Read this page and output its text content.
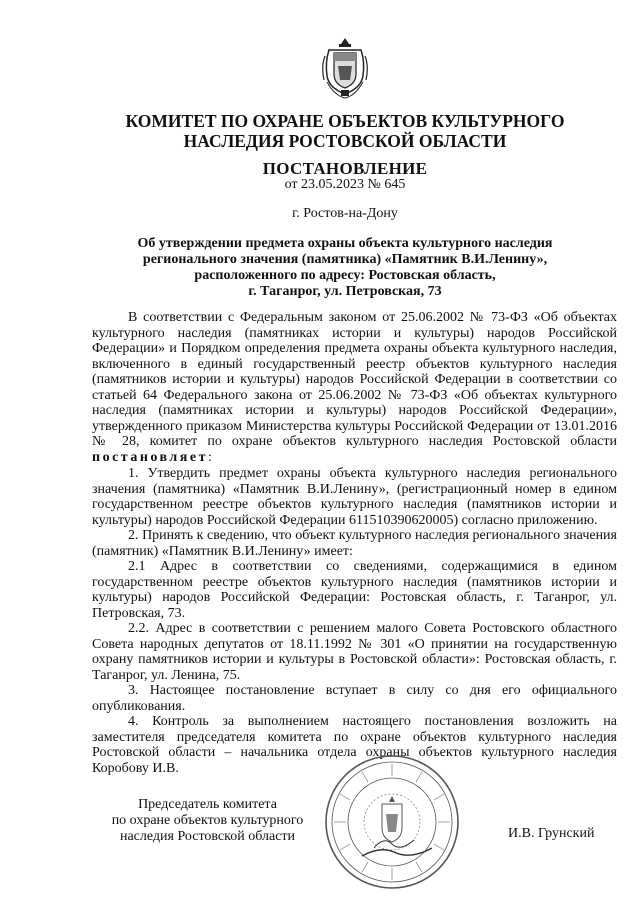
КОМИТЕТ ПО ОХРАНЕ ОБЪЕКТОВ КУЛЬТУРНОГО
НАСЛЕДИЯ РОСТОВСКОЙ ОБЛАСТИ
ПОСТАНОВЛЕНИЕ
от 23.05.2023 № 645
г. Ростов-на-Дону
Об утверждении предмета охраны объекта культурного наследия
регионального значения (памятника) «Памятник В.И.Ленину»,
расположенного по адресу: Ростовская область,
г. Таганрог, ул. Петровская, 73

В соответствии с Федеральным законом от 25.06.2002 № 73-ФЗ «Об объектах культурного наследия (памятниках истории и культуры) народов Российской Федерации» и Порядком определения предмета охраны объекта культурного наследия, включенного в единый государственный реестр объектов культурного наследия (памятников истории и культуры) народов Российской Федерации в соответствии со статьей 64 Федерального закона от 25.06.2002 № 73-ФЗ «Об объектах культурного наследия (памятниках истории и культуры) народов Российской Федерации», утвержденного приказом Министерства культуры Российской Федерации от 13.01.2016 № 28, комитет по охране объектов культурного наследия Ростовской области постановляет:

1. Утвердить предмет охраны объекта культурного наследия регионального значения (памятника) «Памятник В.И.Ленину», (регистрационный номер в едином государственном реестре объектов культурного наследия (памятников истории и культуры) народов Российской Федерации 611510390620005) согласно приложению.

2. Принять к сведению, что объект культурного наследия регионального значения (памятник) «Памятник В.И.Ленину» имеет:

2.1 Адрес в соответствии со сведениями, содержащимися в едином государственном реестре объектов культурного наследия (памятников истории и культуры) народов Российской Федерации: Ростовская область, г. Таганрог, ул. Петровская, 73.

2.2. Адрес в соответствии с решением малого Совета Ростовского областного Совета народных депутатов от 18.11.1992 № 301 «О принятии на государственную охрану памятников истории и культуры в Ростовской области»: Ростовская область, г. Таганрог, ул. Ленина, 75.

3. Настоящее постановление вступает в силу со дня его официального опубликования.

4. Контроль за выполнением настоящего постановления возложить на заместителя председателя комитета по охране объектов культурного наследия Ростовской области – начальника отдела охраны объектов культурного наследия Коробову И.В.

Председатель комитета
по охране объектов культурного
наследия Ростовской области	И.В. Грунский
